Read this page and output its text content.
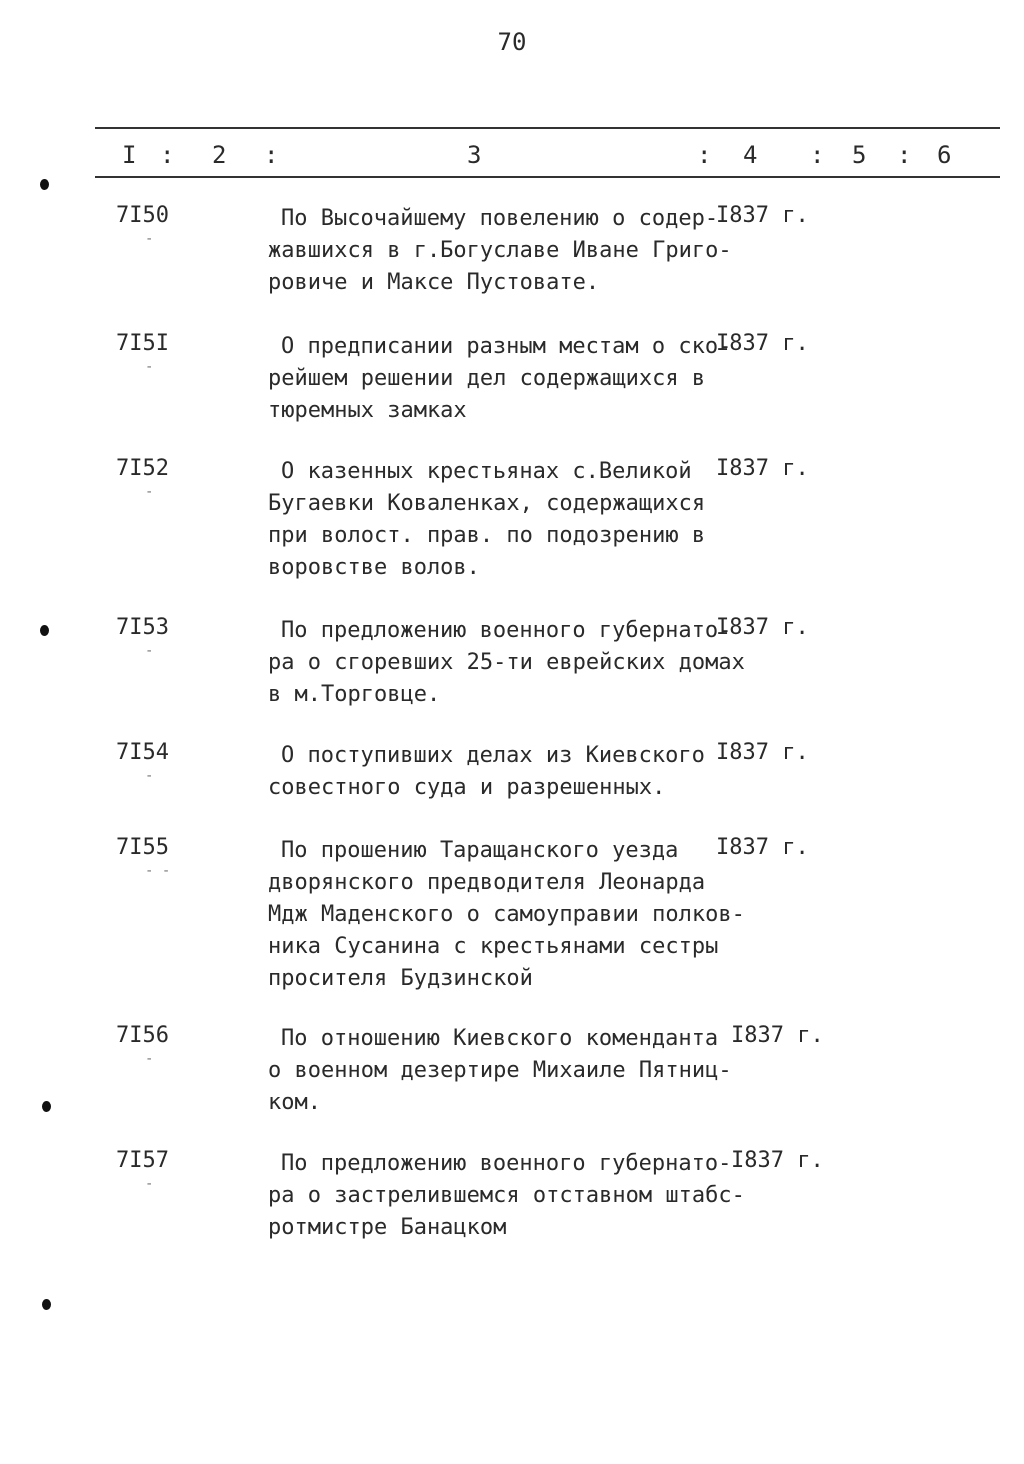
70
I : 2 :	3	: 4 : 5 : 6
7I50
-
По Высочайшему повелению о содер-
жавшихся в г.Богуславе Иване Григо-
ровиче и Максе Пустовате.
I837 г.
7I5I
-
О предписании разным местам о ско-
рейшем решении дел содержащихся в
тюремных замках
I837 г.
7I52
-
О казенных крестьянах с.Великой
Бугаевки Коваленках, содержащихся
при волост. прав. по подозрению в
воровстве волов.
I837 г.
7I53
-
По предложению военного губернато-
ра о сгоревших 25-ти еврейских домах
в м.Торговце.
I837 г.
7I54
-
О поступивших делах из Киевского
совестного суда и разрешенных.
I837 г.
7I55
- -
По прошению Таращанского уезда
дворянского предводителя Леонарда
Мдж Маденского о самоуправии полков-
ника Сусанина с крестьянами сестры
просителя Будзинской
I837 г.
7I56
-
По отношению Киевского коменданта
о военном дезертире Михаиле Пятниц-
ком.
I837 г.
7I57
-
По предложению военного губернато-
ра о застрелившемся отставном штабс-
ротмистре Банацком
I837 г.
